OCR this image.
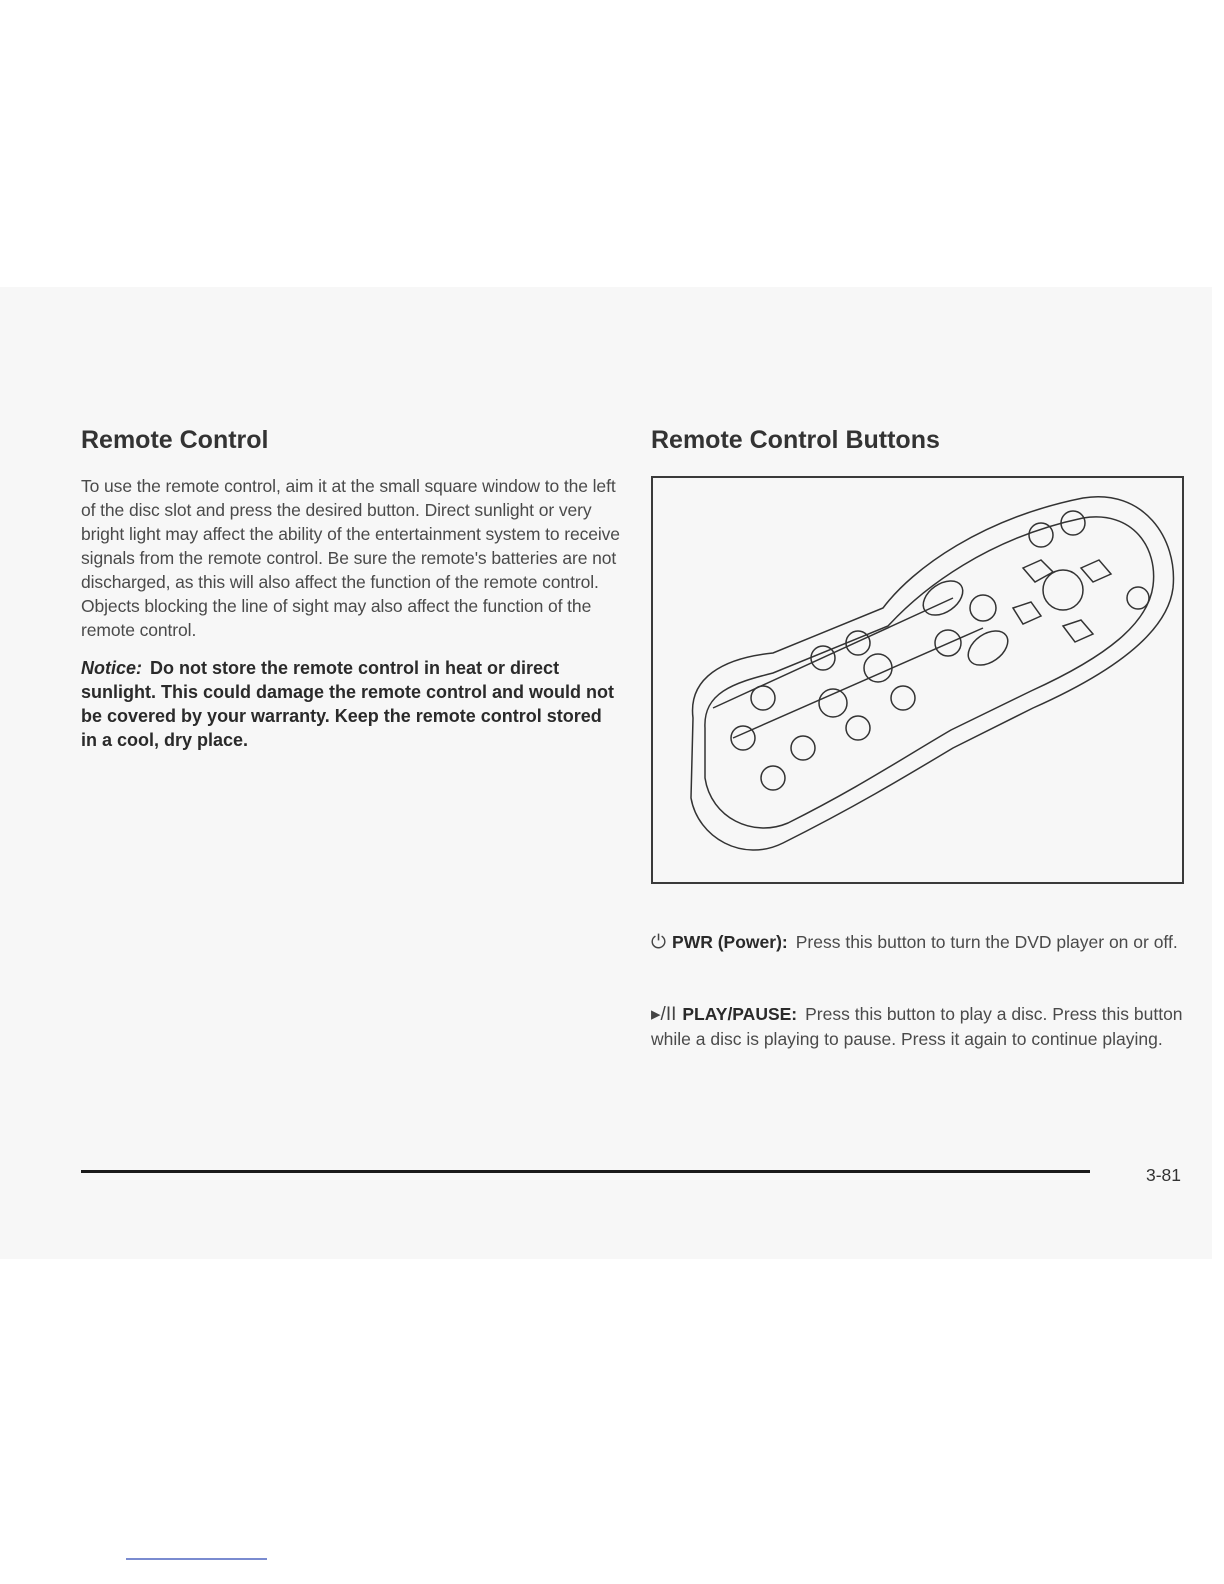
Remote Control

To use the remote control, aim it at the small square window to the left of the disc slot and press the desired button. Direct sunlight or very bright light may affect the ability of the entertainment system to receive signals from the remote control. Be sure the remote's batteries are not discharged, as this will also affect the function of the remote control. Objects blocking the line of sight may also affect the function of the remote control.

Notice: Do not store the remote control in heat or direct sunlight. This could damage the remote control and would not be covered by your warranty. Keep the remote control stored in a cool, dry place.

Remote Control Buttons
⏻ PWR (Power): Press this button to turn the DVD player on or off.
▸/II PLAY/PAUSE: Press this button to play a disc. Press this button while a disc is playing to pause. Press it again to continue playing.
3-81
